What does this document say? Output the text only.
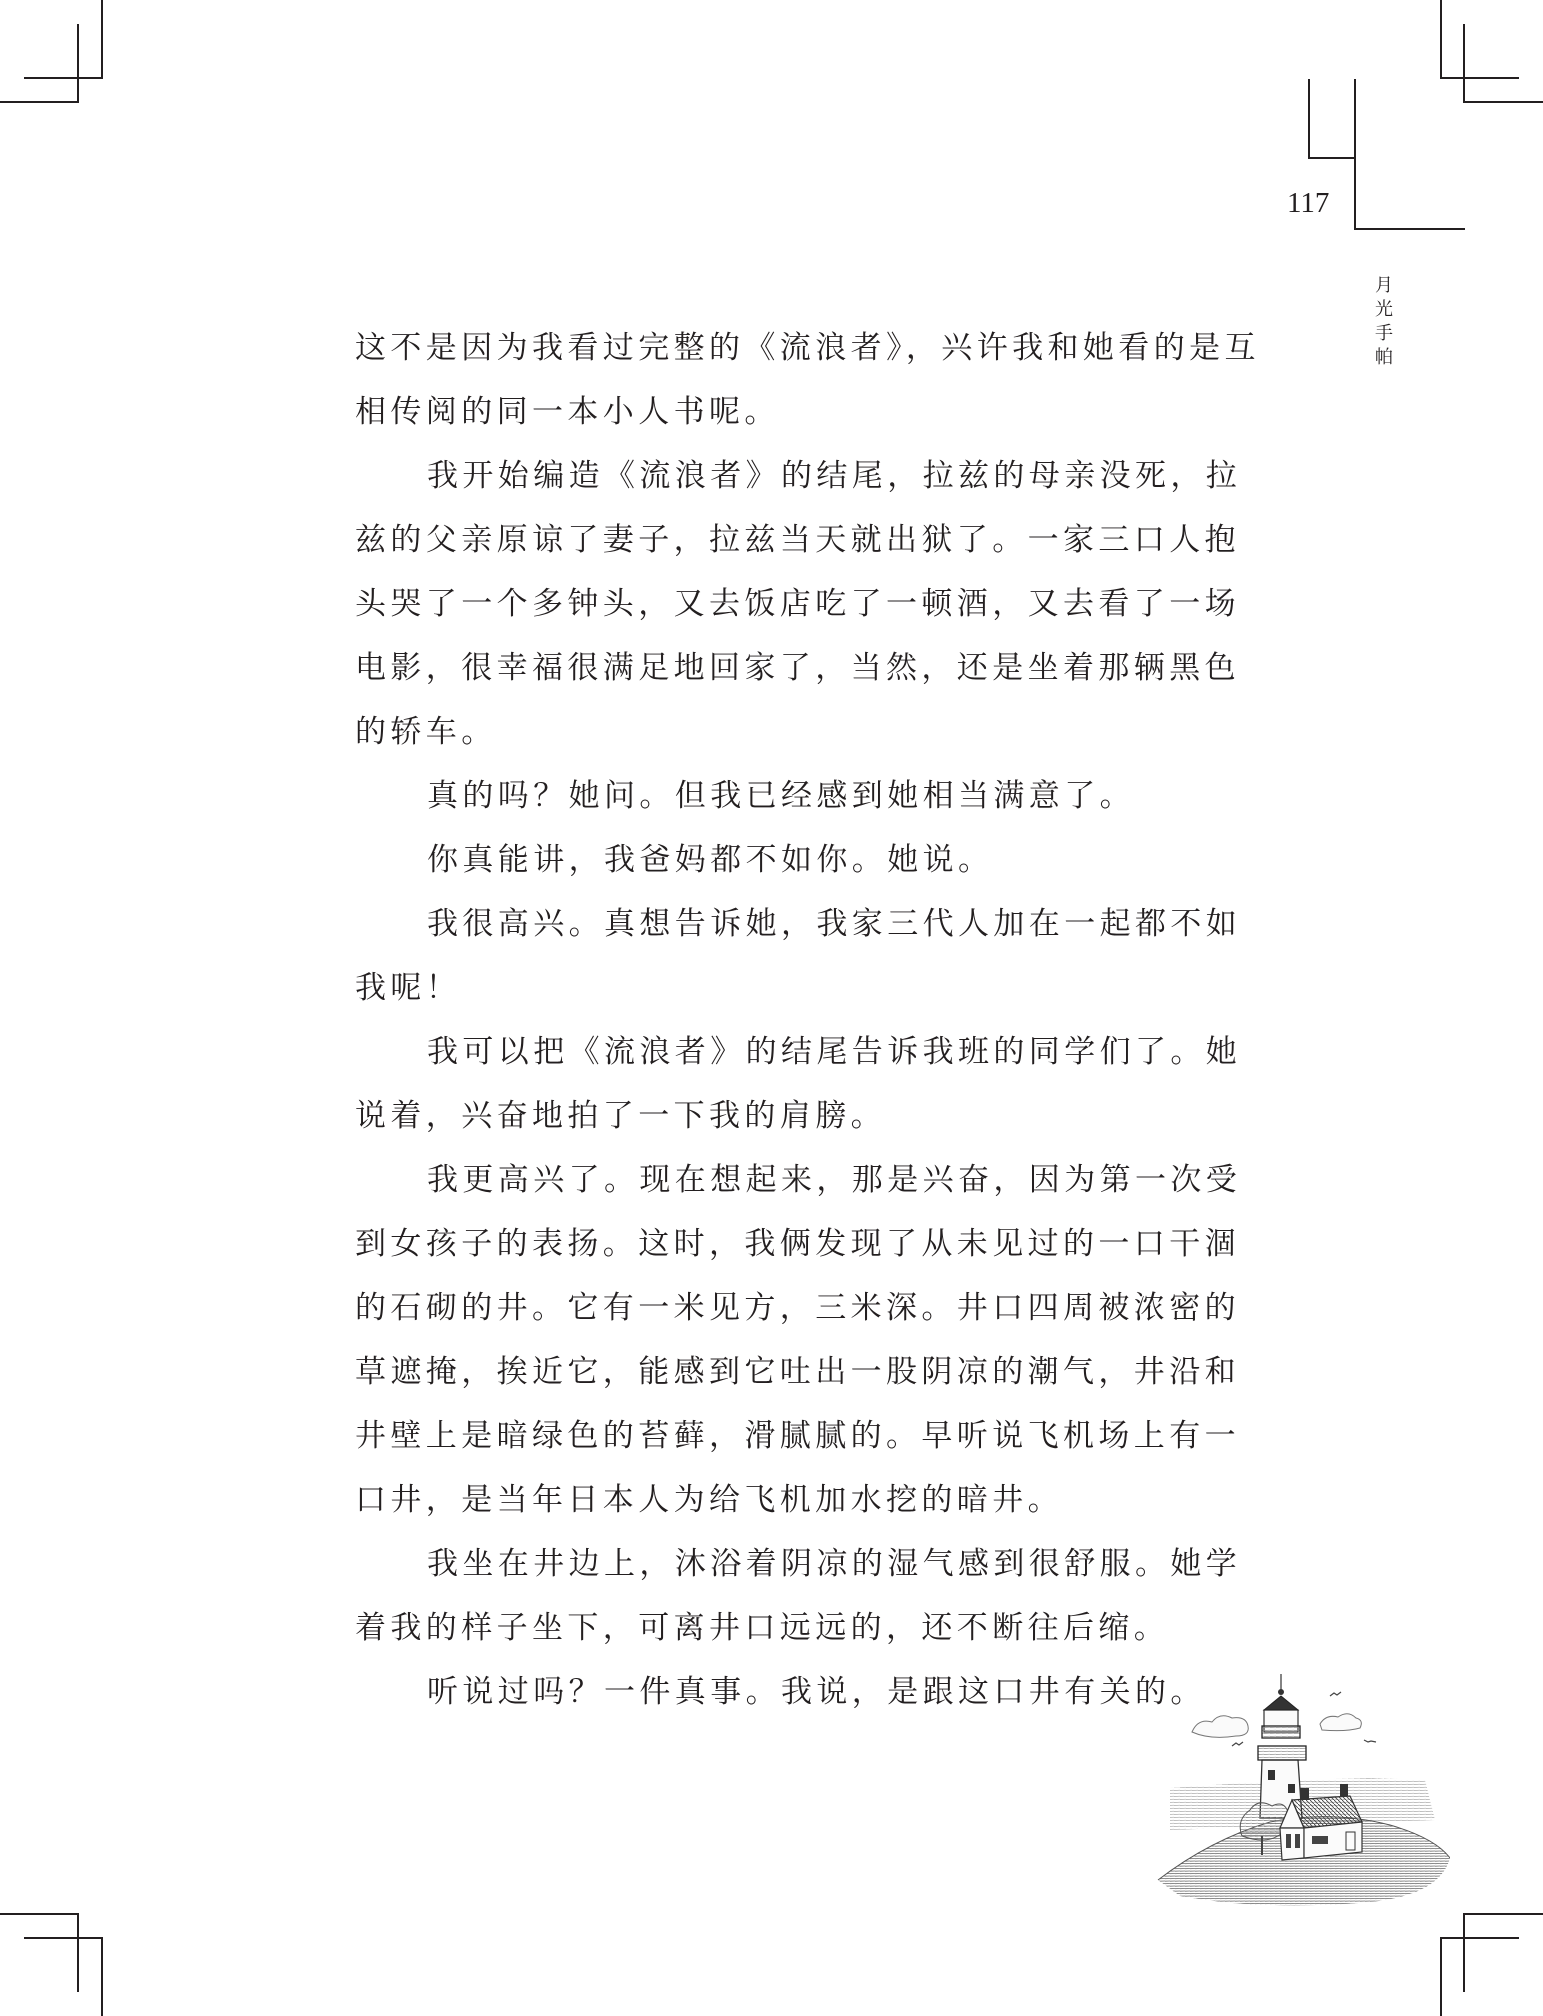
117
月
光
手
帕
这不是因为我看过完整的《流浪者》，兴许我和她看的是互
相传阅的同一本小人书呢。
我开始编造《流浪者》的结尾，拉兹的母亲没死，拉
兹的父亲原谅了妻子，拉兹当天就出狱了。一家三口人抱
头哭了一个多钟头，又去饭店吃了一顿酒，又去看了一场
电影，很幸福很满足地回家了，当然，还是坐着那辆黑色
的轿车。
真的吗？她问。但我已经感到她相当满意了。
你真能讲，我爸妈都不如你。她说。
我很高兴。真想告诉她，我家三代人加在一起都不如
我呢！
我可以把《流浪者》的结尾告诉我班的同学们了。她
说着，兴奋地拍了一下我的肩膀。
我更高兴了。现在想起来，那是兴奋，因为第一次受
到女孩子的表扬。这时，我俩发现了从未见过的一口干涸
的石砌的井。它有一米见方，三米深。井口四周被浓密的
草遮掩，挨近它，能感到它吐出一股阴凉的潮气，井沿和
井壁上是暗绿色的苔藓，滑腻腻的。早听说飞机场上有一
口井，是当年日本人为给飞机加水挖的暗井。
我坐在井边上，沐浴着阴凉的湿气感到很舒服。她学
着我的样子坐下，可离井口远远的，还不断往后缩。
听说过吗？一件真事。我说，是跟这口井有关的。
